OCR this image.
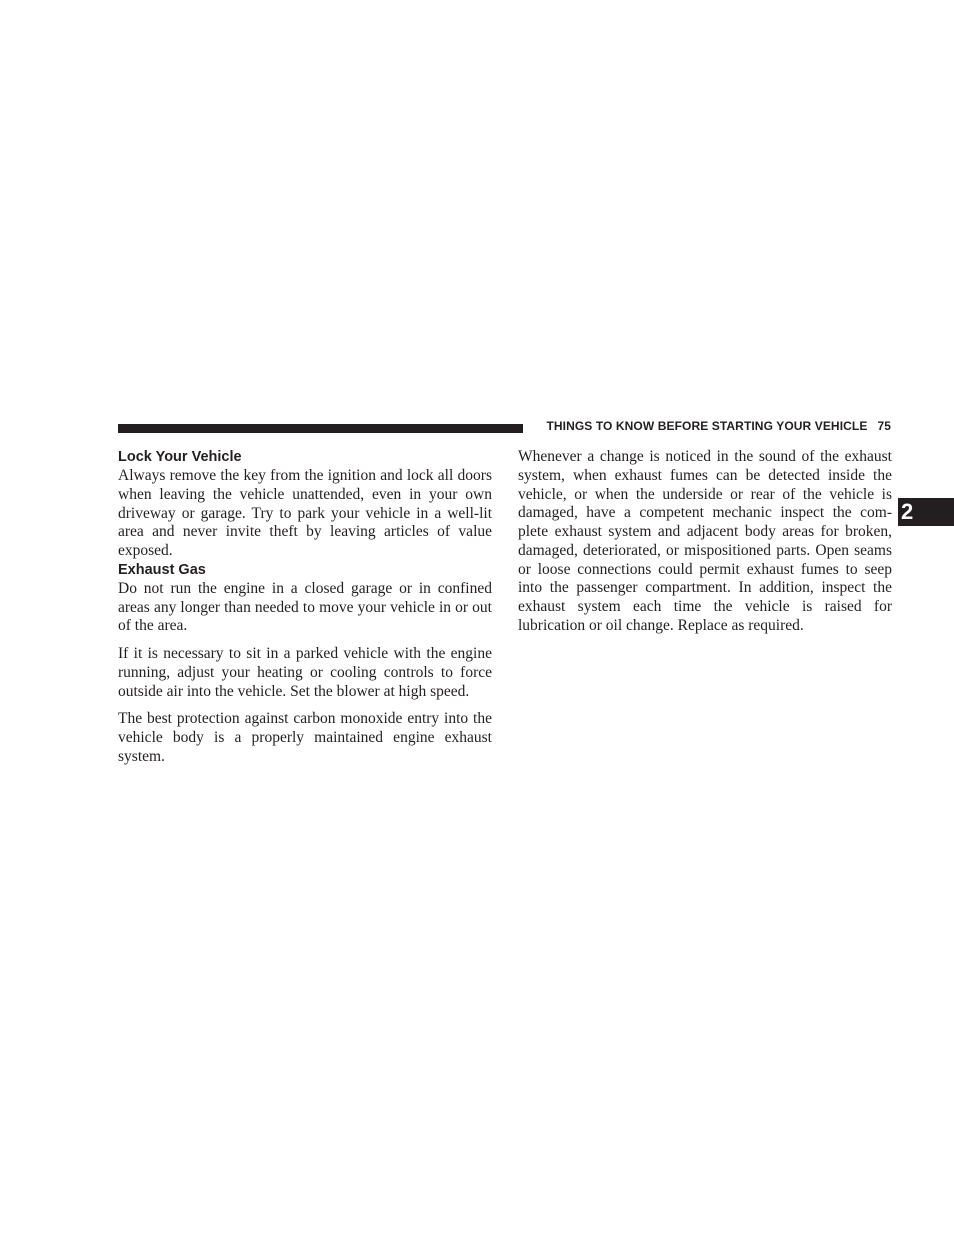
THINGS TO KNOW BEFORE STARTING YOUR VEHICLE 75
2
Lock Your Vehicle

Always remove the key from the ignition and lock all doors when leaving the vehicle unattended, even in your own driveway or garage. Try to park your vehicle in a well-lit area and never invite theft by leaving articles of value exposed.

Exhaust Gas

Do not run the engine in a closed garage or in confined areas any longer than needed to move your vehicle in or out of the area.

If it is necessary to sit in a parked vehicle with the engine running, adjust your heating or cooling controls to force outside air into the vehicle. Set the blower at high speed.

The best protection against carbon monoxide entry into the vehicle body is a properly maintained engine exhaust system.

Whenever a change is noticed in the sound of the exhaust system, when exhaust fumes can be detected inside the vehicle, or when the underside or rear of the vehicle is damaged, have a competent mechanic inspect the com- plete exhaust system and adjacent body areas for broken, damaged, deteriorated, or mispositioned parts. Open seams or loose connections could permit exhaust fumes to seep into the passenger compartment. In addition, inspect the exhaust system each time the vehicle is raised for lubrication or oil change. Replace as required.
